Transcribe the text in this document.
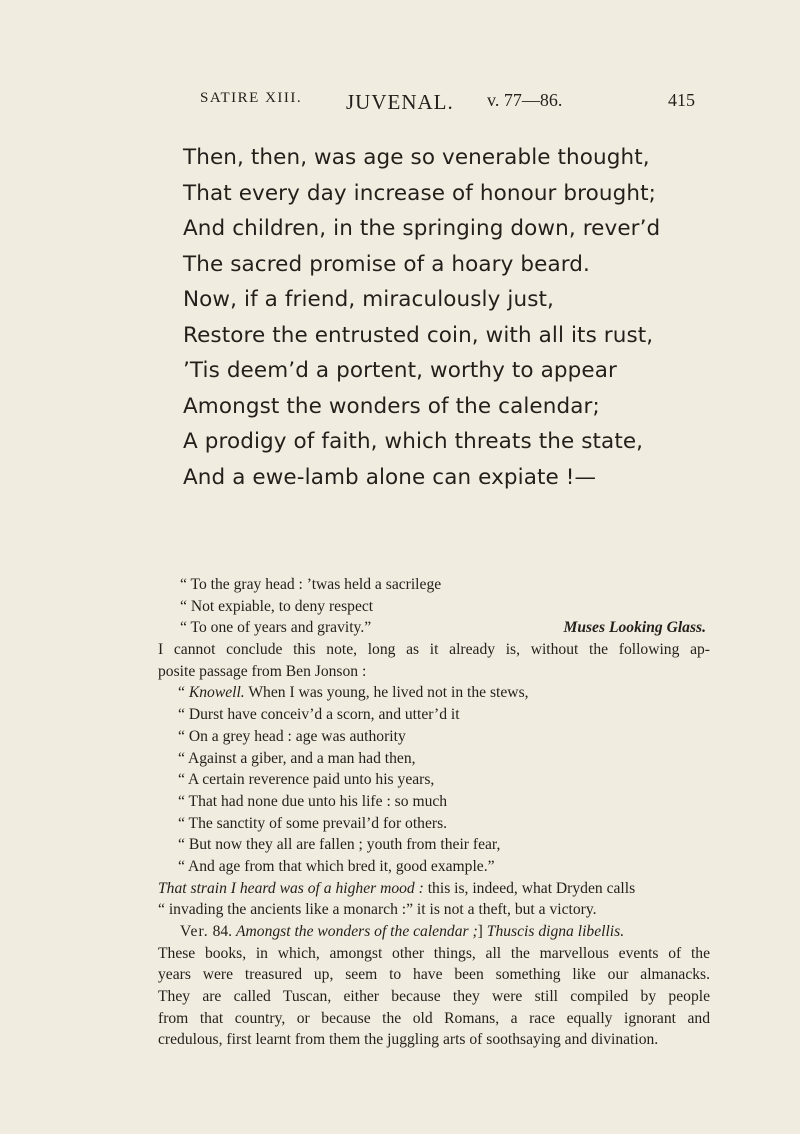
SATIRE XIII. JUVENAL. v. 77—86.	415
Then, then, was age so venerable thought,
That every day increase of honour brought;
And children, in the springing down, rever’d
The sacred promise of a hoary beard.
Now, if a friend, miraculously just,
Restore the entrusted coin, with all its rust,
’Tis deem’d a portent, worthy to appear
Amongst the wonders of the calendar;
A prodigy of faith, which threats the state,
And a ewe-lamb alone can expiate !—
“ To the gray head : ’twas held a sacrilege
“ Not expiable, to deny respect
“ To one of years and gravity.”	Muses Looking Glass.
I cannot conclude this note, long as it already is, without the following ap-
posite passage from Ben Jonson :
“ Knowell. When I was young, he lived not in the stews,
“ Durst have conceiv’d a scorn, and utter’d it
“ On a grey head : age was authority
“ Against a giber, and a man had then,
“ A certain reverence paid unto his years,
“ That had none due unto his life : so much
“ The sanctity of some prevail’d for others.
“ But now they all are fallen ; youth from their fear,
“ And age from that which bred it, good example.”
That strain I heard was of a higher mood : this is, indeed, what Dryden calls
“ invading the ancients like a monarch :” it is not a theft, but a victory.
Ver. 84. Amongst the wonders of the calendar ;] Thuscis digna libellis.
These books, in which, amongst other things, all the marvellous events of the
years were treasured up, seem to have been something like our almanacks.
They are called Tuscan, either because they were still compiled by people
from that country, or because the old Romans, a race equally ignorant and
credulous, first learnt from them the juggling arts of soothsaying and divination.
